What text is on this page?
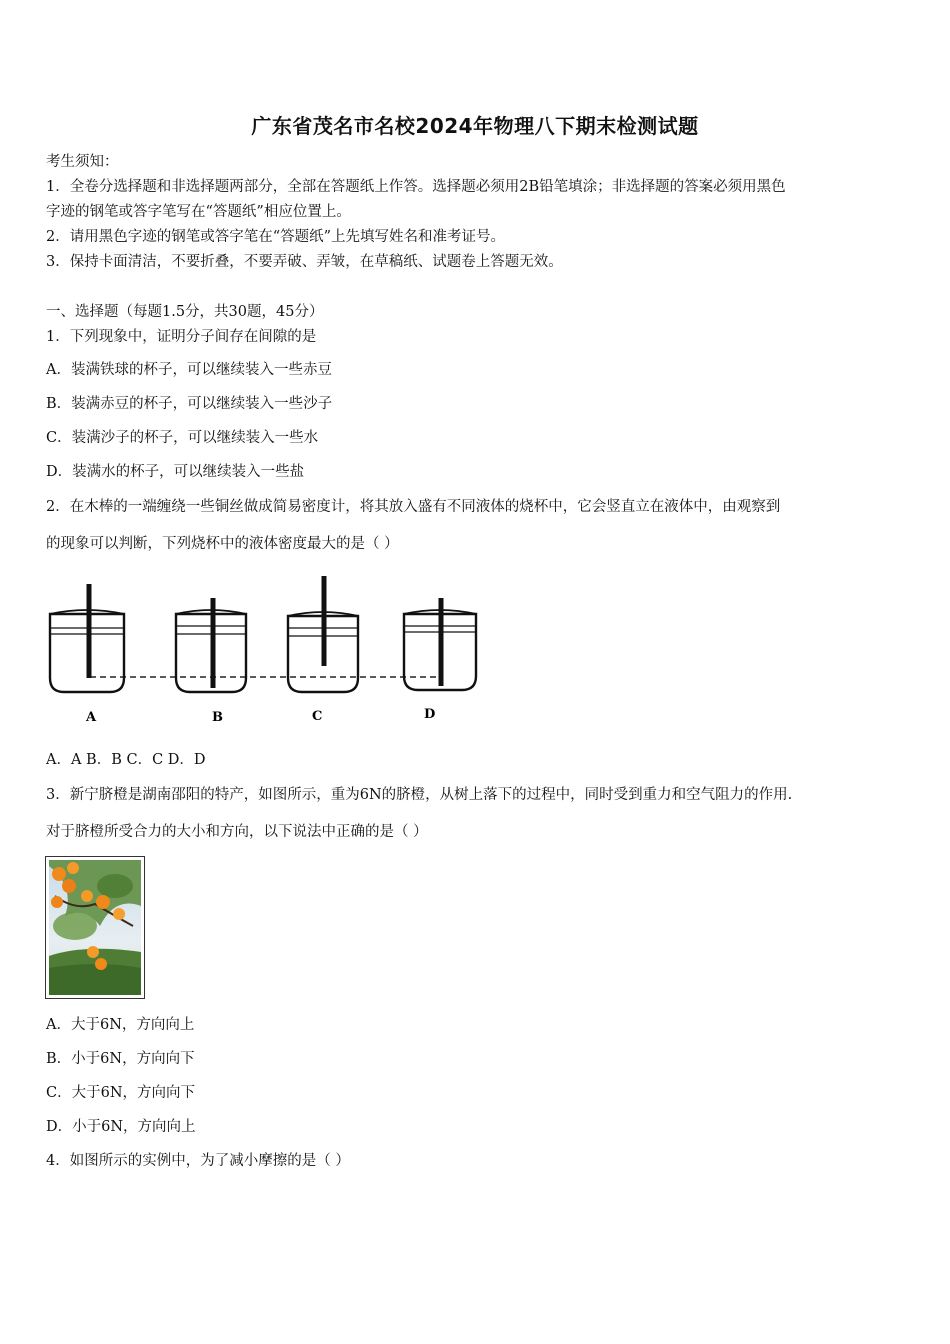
广东省茂名市名校2024年物理八下期末检测试题
考生须知：
1．全卷分选择题和非选择题两部分，全部在答题纸上作答。选择题必须用2B铅笔填涂；非选择题的答案必须用黑色
字迹的钢笔或答字笔写在“答题纸”相应位置上。
2．请用黑色字迹的钢笔或答字笔在“答题纸”上先填写姓名和准考证号。
3．保持卡面清洁，不要折叠，不要弄破、弄皱，在草稿纸、试题卷上答题无效。
一、选择题（每题1.5分，共30题，45分）
1．下列现象中，证明分子间存在间隙的是
A．装满铁球的杯子，可以继续装入一些赤豆
B．装满赤豆的杯子，可以继续装入一些沙子
C．装满沙子的杯子，可以继续装入一些水
D．装满水的杯子，可以继续装入一些盐
2．在木棒的一端缠绕一些铜丝做成简易密度计，将其放入盛有不同液体的烧杯中，它会竖直立在液体中，由观察到
的现象可以判断，下列烧杯中的液体密度最大的是（ ）
A	B	C	D
A．A B．B C．C D．D
3．新宁脐橙是湖南邵阳的特产，如图所示，重为6N的脐橙，从树上落下的过程中，同时受到重力和空气阻力的作用.
对于脐橙所受合力的大小和方向，以下说法中正确的是（ ）
A．大于6N，方向向上
B．小于6N，方向向下
C．大于6N，方向向下
D．小于6N，方向向上
4．如图所示的实例中，为了减小摩擦的是（ ）
